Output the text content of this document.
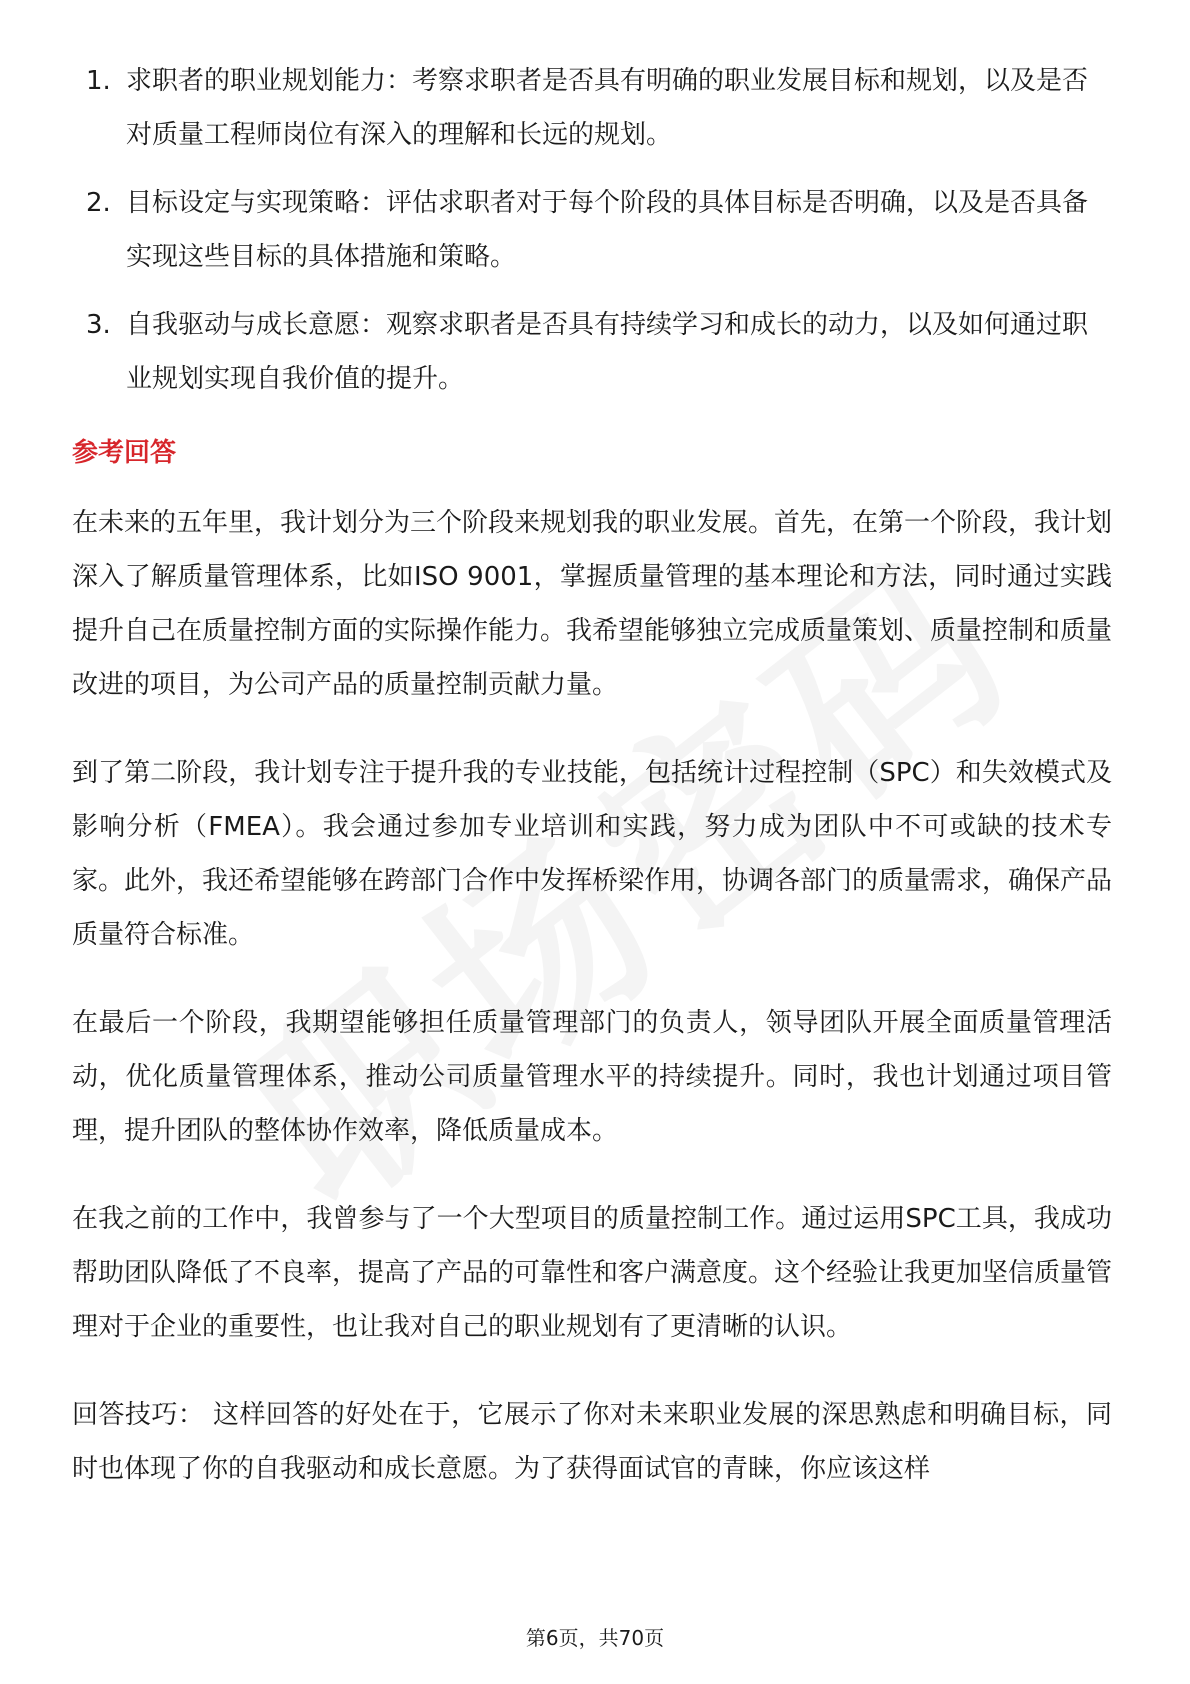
1. 求职者的职业规划能力：考察求职者是否具有明确的职业发展目标和规划，以及是否对质量工程师岗位有深入的理解和长远的规划。
2. 目标设定与实现策略：评估求职者对于每个阶段的具体目标是否明确，以及是否具备实现这些目标的具体措施和策略。
3. 自我驱动与成长意愿：观察求职者是否具有持续学习和成长的动力，以及如何通过职业规划实现自我价值的提升。
参考回答

在未来的五年里，我计划分为三个阶段来规划我的职业发展。首先，在第一个阶段，我计划深入了解质量管理体系，比如ISO 9001，掌握质量管理的基本理论和方法，同时通过实践提升自己在质量控制方面的实际操作能力。我希望能够独立完成质量策划、质量控制和质量改进的项目，为公司产品的质量控制贡献力量。

到了第二阶段，我计划专注于提升我的专业技能，包括统计过程控制（SPC）和失效模式及影响分析（FMEA）。我会通过参加专业培训和实践，努力成为团队中不可或缺的技术专家。此外，我还希望能够在跨部门合作中发挥桥梁作用，协调各部门的质量需求，确保产品质量符合标准。

在最后一个阶段，我期望能够担任质量管理部门的负责人，领导团队开展全面质量管理活动，优化质量管理体系，推动公司质量管理水平的持续提升。同时，我也计划通过项目管理，提升团队的整体协作效率，降低质量成本。

在我之前的工作中，我曾参与了一个大型项目的质量控制工作。通过运用SPC工具，我成功帮助团队降低了不良率，提高了产品的可靠性和客户满意度。这个经验让我更加坚信质量管理对于企业的重要性，也让我对自己的职业规划有了更清晰的认识。

回答技巧： 这样回答的好处在于，它展示了你对未来职业发展的深思熟虑和明确目标，同时也体现了你的自我驱动和成长意愿。为了获得面试官的青睐，你应该这样

第6页，共70页
